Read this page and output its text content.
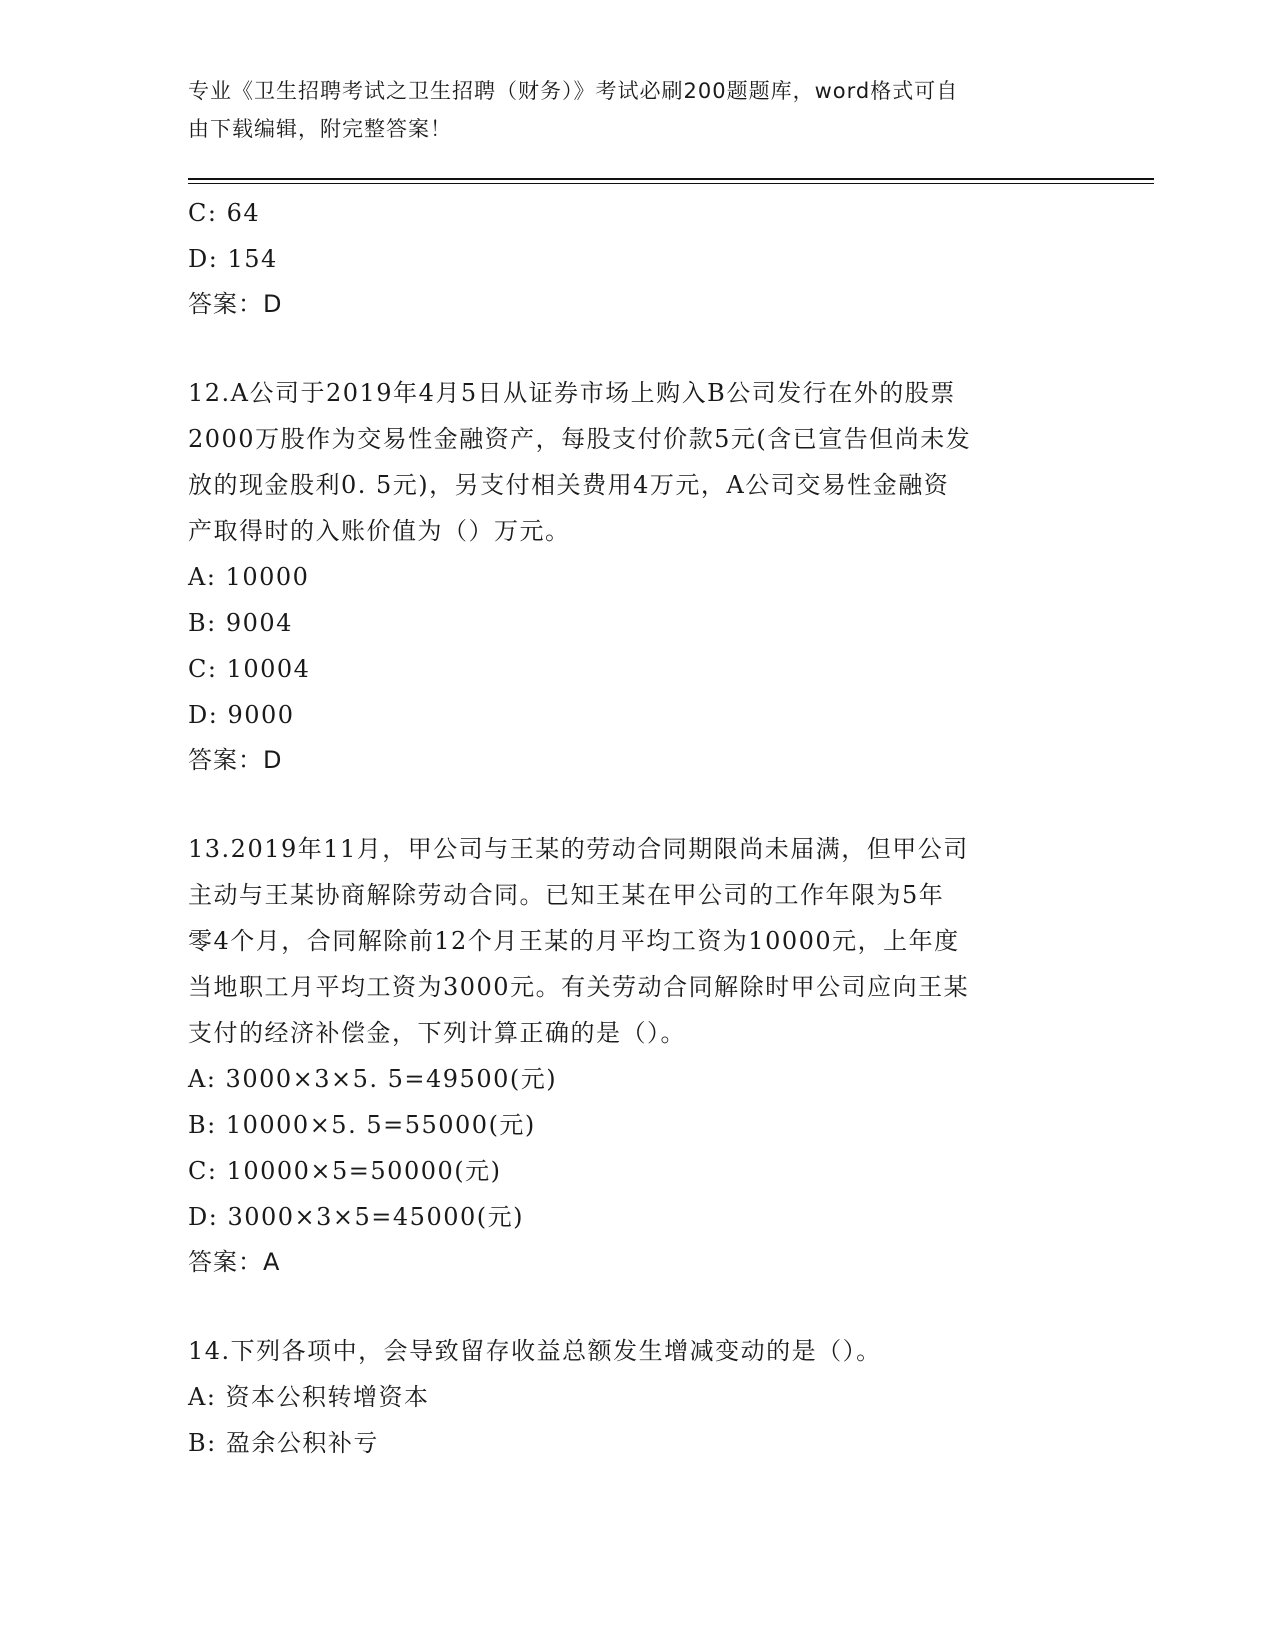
专业《卫生招聘考试之卫生招聘（财务）》考试必刷200题题库，word格式可自
由下载编辑，附完整答案！
C: 64
D: 154
答案：D
12.A公司于2019年4月5日从证券市场上购入B公司发行在外的股票
2000万股作为交易性金融资产，每股支付价款5元(含已宣告但尚未发
放的现金股利0. 5元)，另支付相关费用4万元，A公司交易性金融资
产取得时的入账价值为（）万元。
A: 10000
B: 9004
C: 10004
D: 9000
答案：D
13.2019年11月，甲公司与王某的劳动合同期限尚未届满，但甲公司
主动与王某协商解除劳动合同。已知王某在甲公司的工作年限为5年
零4个月，合同解除前12个月王某的月平均工资为10000元，上年度
当地职工月平均工资为3000元。有关劳动合同解除时甲公司应向王某
支付的经济补偿金，下列计算正确的是（）。
A: 3000×3×5. 5=49500(元)
B: 10000×5. 5=55000(元)
C: 10000×5=50000(元)
D: 3000×3×5=45000(元)
答案：A
14.下列各项中，会导致留存收益总额发生增减变动的是（）。
A: 资本公积转增资本
B: 盈余公积补亏
